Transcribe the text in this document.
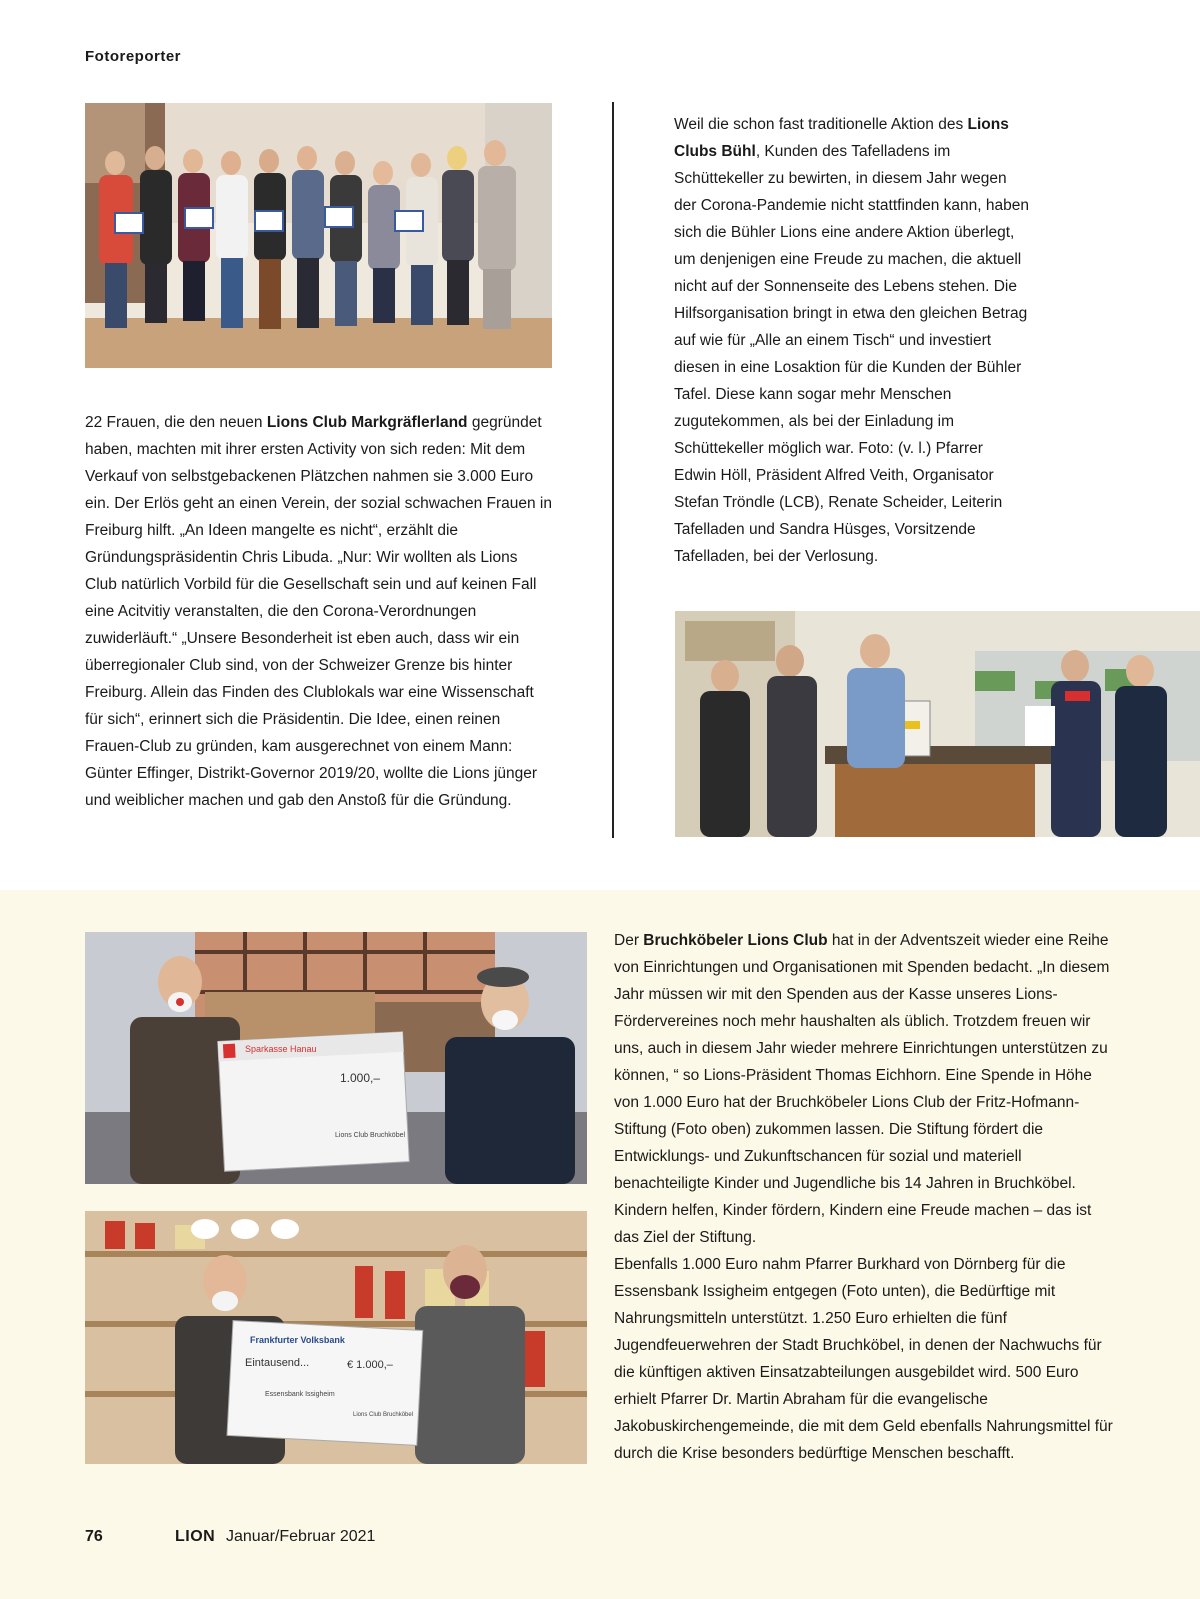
Fotoreporter

22 Frauen, die den neuen Lions Club Markgräflerland gegründet haben, machten mit ihrer ersten Activity von sich reden: Mit dem Verkauf von selbstgebackenen Plätzchen nahmen sie 3.000 Euro ein. Der Erlös geht an einen Verein, der sozial schwachen Frauen in Freiburg hilft. „An Ideen mangelte es nicht“, erzählt die Gründungspräsidentin Chris Libuda. „Nur: Wir wollten als Lions Club natürlich Vorbild für die Gesellschaft sein und auf keinen Fall eine Acitvitiy veranstalten, die den Corona-Verordnungen zuwiderläuft.“ „Unsere Besonderheit ist eben auch, dass wir ein überregionaler Club sind, von der Schweizer Grenze bis hinter Freiburg. Allein das Finden des Clublokals war eine Wissenschaft für sich“, erinnert sich die Präsidentin. Die Idee, einen reinen Frauen-Club zu gründen, kam ausgerechnet von einem Mann: Günter Effinger, Distrikt-Governor 2019/20, wollte die Lions jünger und weiblicher machen und gab den Anstoß für die Gründung.

Weil die schon fast traditionelle Aktion des Lions Clubs Bühl, Kunden des Tafelladens im Schüttekeller zu bewirten, in diesem Jahr wegen der Corona-Pandemie nicht stattfinden kann, haben sich die Bühler Lions eine andere Aktion überlegt, um denjenigen eine Freude zu machen, die aktuell nicht auf der Sonnenseite des Lebens stehen. Die Hilfsorganisation bringt in etwa den gleichen Betrag auf wie für „Alle an einem Tisch“ und investiert diesen in eine Losaktion für die Kunden der Bühler Tafel. Diese kann sogar mehr Menschen zugutekommen, als bei der Einladung im Schüttekeller möglich war. Foto: (v. l.) Pfarrer Edwin Höll, Präsident Alfred Veith, Organisator Stefan Tröndle (LCB), Renate Scheider, Leiterin Tafelladen und Sandra Hüsges, Vorsitzende Tafelladen, bei der Verlosung.

Sparkasse Hanau
1.000,–
Lions Club Bruchköbel
Frankfurter Volksbank
Eintausend...	€ 1.000,–
Essensbank Issigheim
Lions Club Bruchköbel

Der Bruchköbeler Lions Club hat in der Adventszeit wieder eine Reihe von Einrichtungen und Organisationen mit Spenden bedacht. „In diesem Jahr müssen wir mit den Spenden aus der Kasse unseres Lions-Fördervereines noch mehr haushalten als üblich. Trotzdem freuen wir uns, auch in diesem Jahr wieder mehrere Einrichtungen unterstützen zu können, “ so Lions-Präsident Thomas Eichhorn. Eine Spende in Höhe von 1.000 Euro hat der Bruchköbeler Lions Club der Fritz-Hofmann-Stiftung (Foto oben) zukommen lassen. Die Stiftung fördert die Entwicklungs- und Zukunftschancen für sozial und materiell benachteiligte Kinder und Jugendliche bis 14 Jahren in Bruchköbel. Kindern helfen, Kinder fördern, Kindern eine Freude machen – das ist das Ziel der Stiftung.

Ebenfalls 1.000 Euro nahm Pfarrer Burkhard von Dörnberg für die Essensbank Issigheim entgegen (Foto unten), die Bedürftige mit Nahrungsmitteln unterstützt. 1.250 Euro erhielten die fünf Jugendfeuerwehren der Stadt Bruchköbel, in denen der Nachwuchs für die künftigen aktiven Einsatzabteilungen ausgebildet wird. 500 Euro erhielt Pfarrer Dr. Martin Abraham für die evangelische Jakobuskirchengemeinde, die mit dem Geld ebenfalls Nahrungsmittel für durch die Krise besonders bedürftige Menschen beschafft.

76	LION Januar/Februar 2021
